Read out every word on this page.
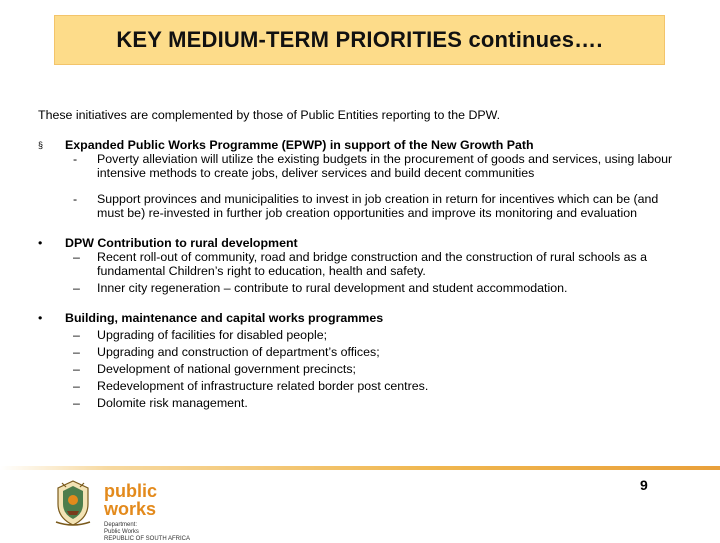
KEY MEDIUM-TERM PRIORITIES continues….

These initiatives are complemented by those of Public Entities reporting to the DPW.

§	Expanded Public Works Programme (EPWP) in support of the New Growth Path
- Poverty alleviation will utilize the existing budgets in the procurement of goods and services, using labour intensive methods to create jobs, deliver services and build decent communities
- Support provinces and municipalities to invest in job creation in return for incentives which can be (and must be) re-invested in further job creation opportunities and improve its monitoring and evaluation
•	DPW Contribution to rural development
– Recent roll-out of community, road and bridge construction and the construction of rural schools as a fundamental Children’s right to education, health and safety.
– Inner city regeneration – contribute to rural development and student accommodation.
•	Building, maintenance and capital works programmes
– Upgrading of facilities for disabled people;
– Upgrading and construction of department’s offices;
– Development of national government precincts;
– Redevelopment of infrastructure related border post centres.
– Dolomite risk management.
public works
Department:
Public Works
REPUBLIC OF SOUTH AFRICA
9
